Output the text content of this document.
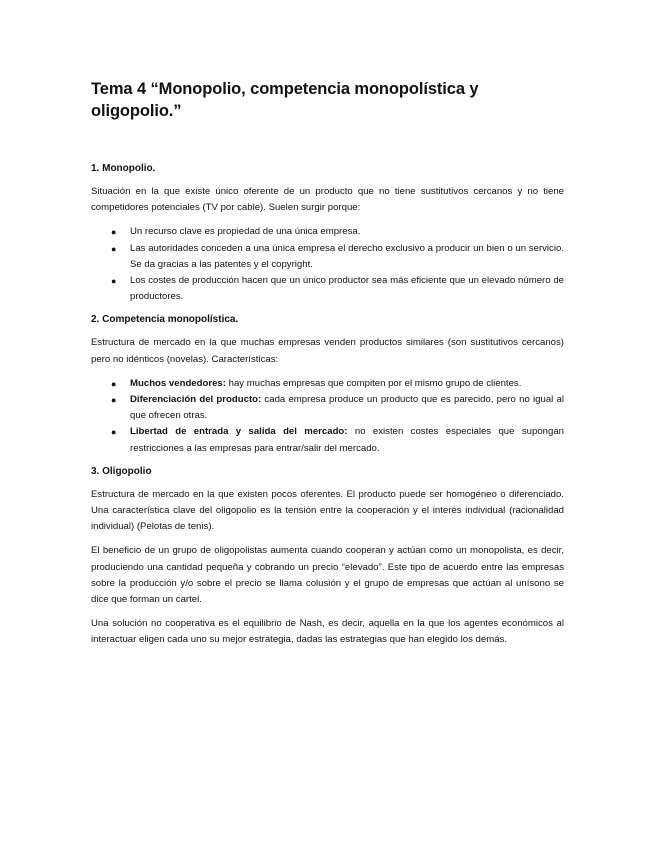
Tema 4 “Monopolio, competencia monopolística y oligopolio.”
1. Monopolio.

Situación en la que existe único oferente de un producto que no tiene sustitutivos cercanos y no tiene competidores potenciales (TV por cable). Suelen surgir porque:

● Un recurso clave es propiedad de una única empresa.
● Las autoridades conceden a una única empresa el derecho exclusivo a producir un bien o un servicio. Se da gracias a las patentes y el copyright.
● Los costes de producción hacen que un único productor sea más eficiente que un elevado número de productores.
2. Competencia monopolística.

Estructura de mercado en la que muchas empresas venden productos similares (son sustitutivos cercanos) pero no idénticos (novelas). Características:

● Muchos vendedores: hay muchas empresas que compiten por el mismo grupo de clientes.
● Diferenciación del producto: cada empresa produce un producto que es parecido, pero no igual al que ofrecen otras.
● Libertad de entrada y salida del mercado: no existen costes especiales que supongan restricciones a las empresas para entrar/salir del mercado.
3. Oligopolio

Estructura de mercado en la que existen pocos oferentes. El producto puede ser homogéneo o diferenciado. Una característica clave del oligopolio es la tensión entre la cooperación y el interés individual (racionalidad individual) (Pelotas de tenis).

El beneficio de un grupo de oligopolistas aumenta cuando cooperan y actúan como un monopolista, es decir, produciendo una cantidad pequeña y cobrando un precio “elevado”. Este tipo de acuerdo entre las empresas sobre la producción y/o sobre el precio se llama colusión y el grupo de empresas que actúan al unísono se dice que forman un cartel.

Una solución no cooperativa es el equilibrio de Nash, es decir, aquella en la que los agentes económicos al interactuar eligen cada uno su mejor estrategia, dadas las estrategias que han elegido los demás.
